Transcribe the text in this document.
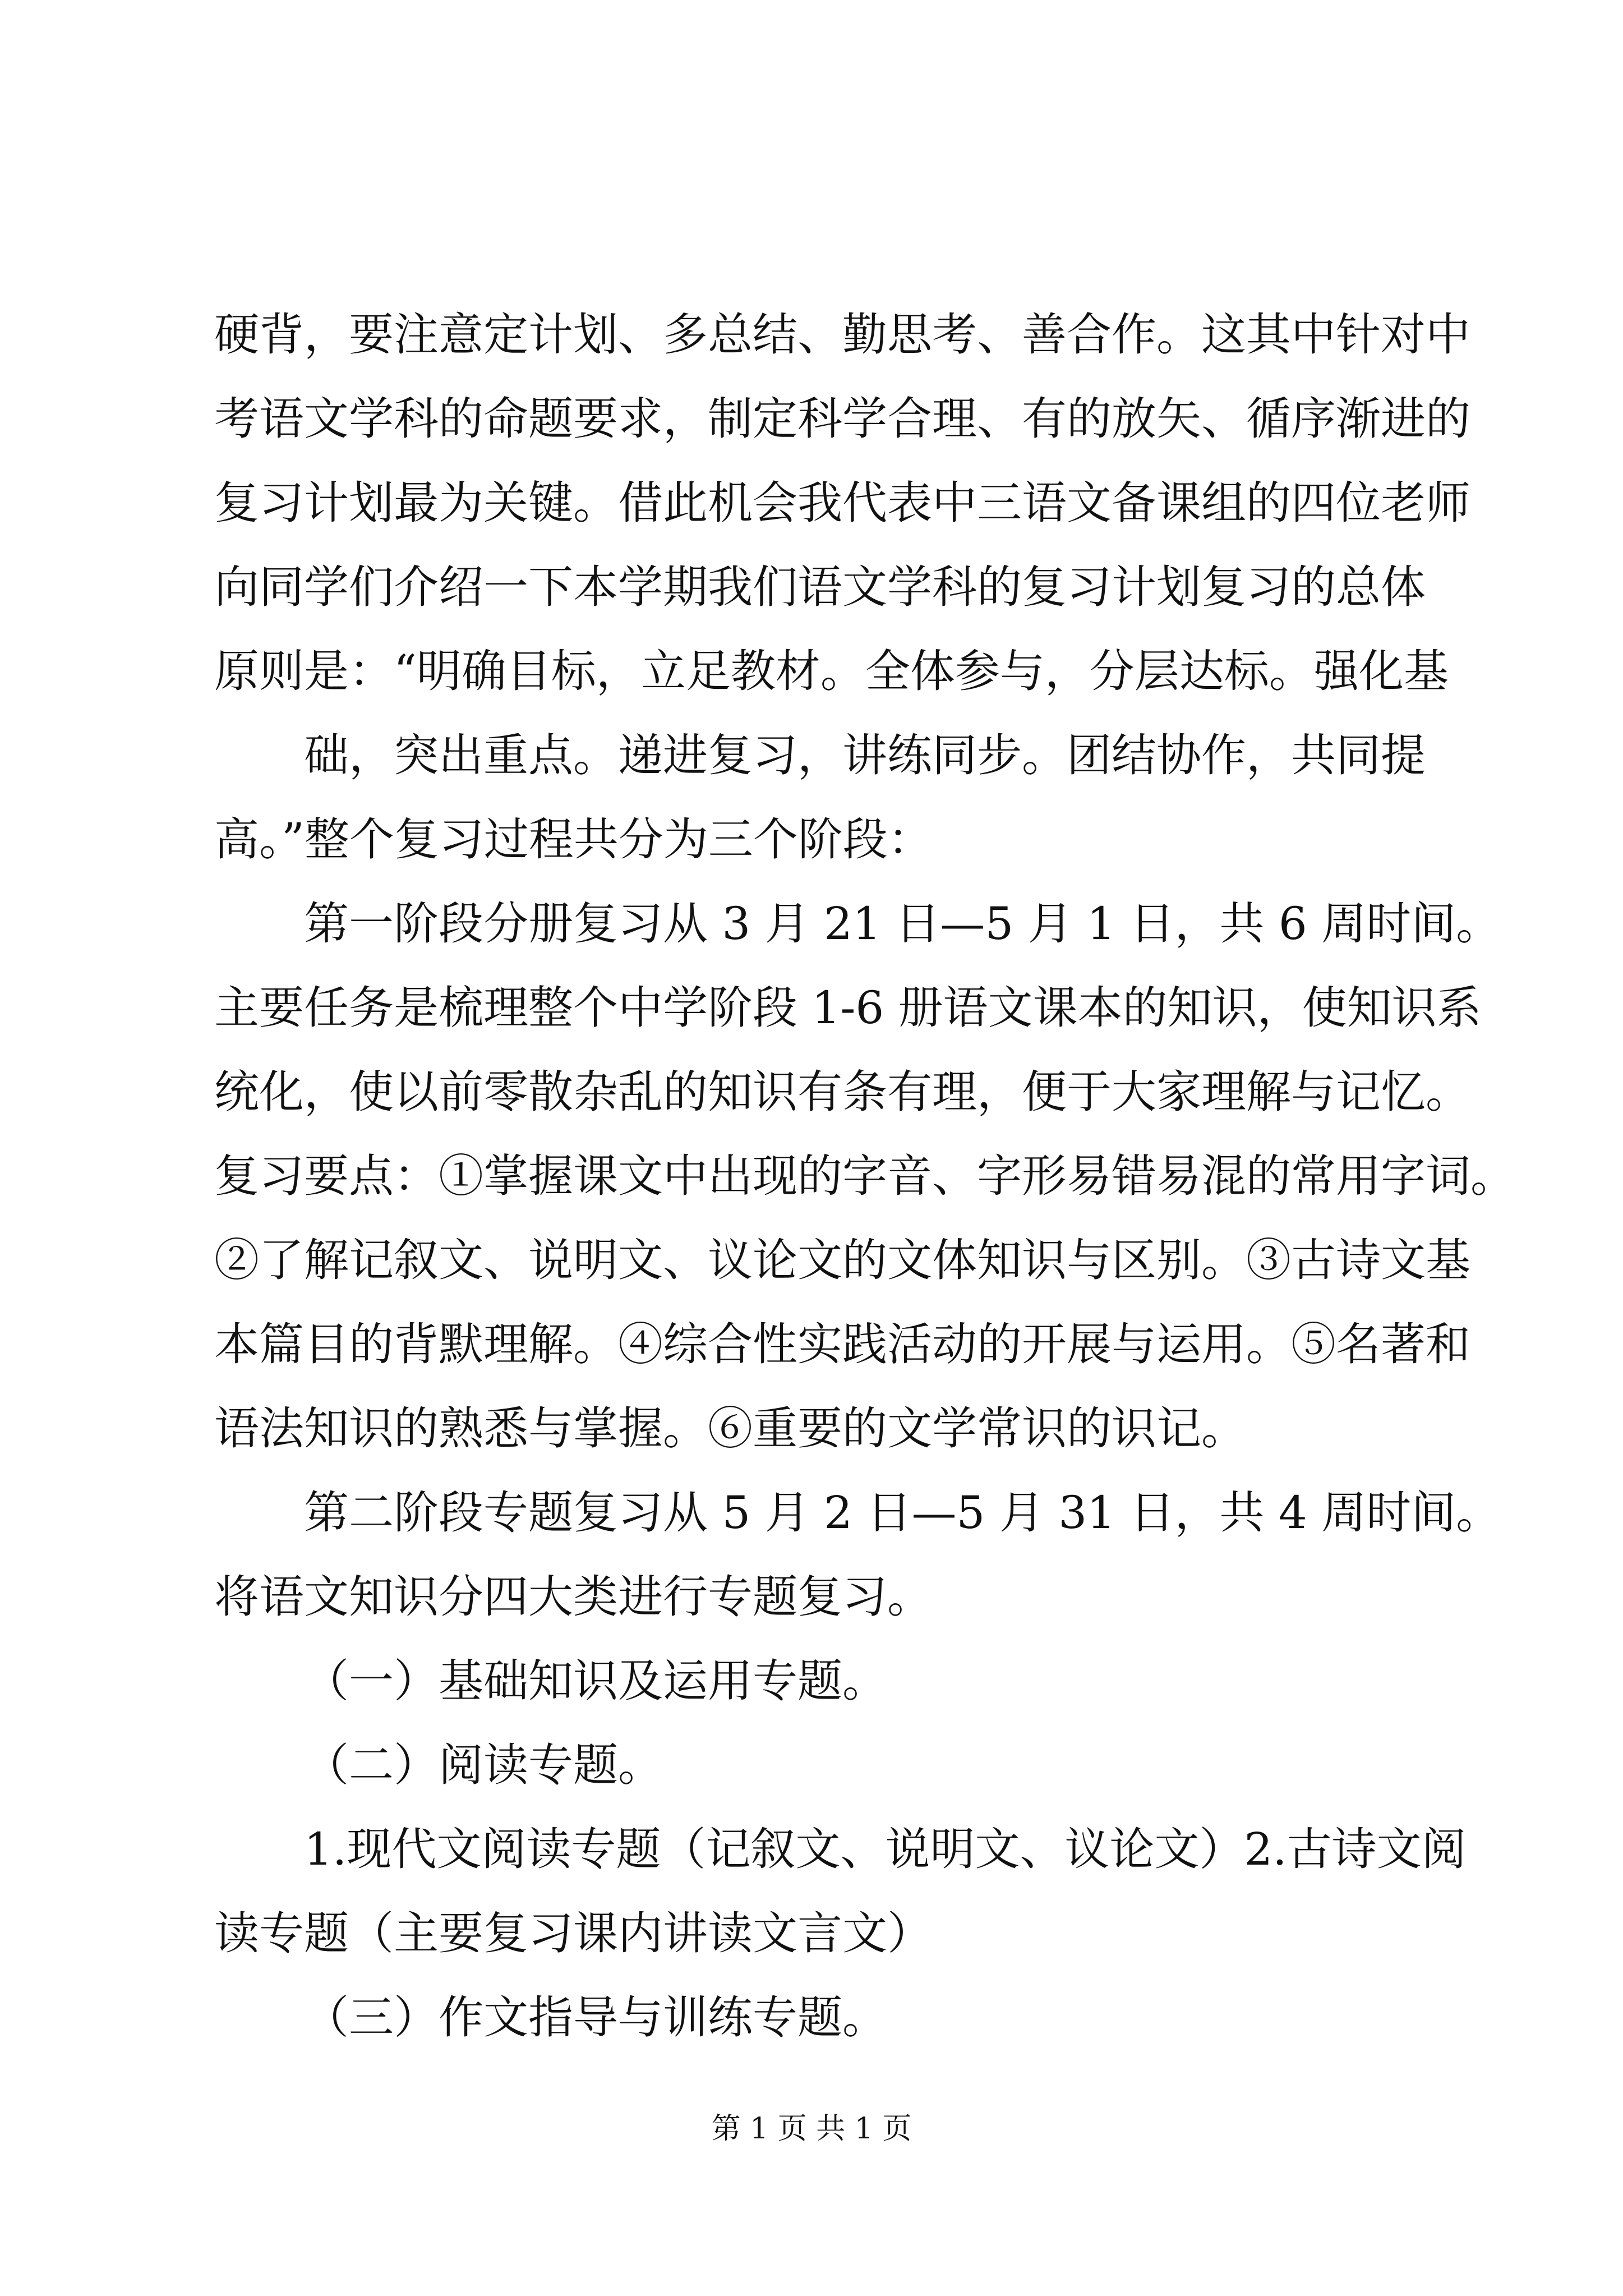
硬背，要注意定计划、多总结、勤思考、善合作。这其中针对中
考语文学科的命题要求，制定科学合理、有的放矢、循序渐进的
复习计划最为关键。借此机会我代表中三语文备课组的四位老师
向同学们介绍一下本学期我们语文学科的复习计划复习的总体
原则是：“明确目标，立足教材。全体参与，分层达标。强化基
础，突出重点。递进复习，讲练同步。团结协作，共同提
高。”整个复习过程共分为三个阶段：
第一阶段分册复习从 3 月 21 日—5 月 1 日，共 6 周时间。
主要任务是梳理整个中学阶段 1-6 册语文课本的知识，使知识系
统化，使以前零散杂乱的知识有条有理，便于大家理解与记忆。
复习要点：①掌握课文中出现的字音、字形易错易混的常用字词。
②了解记叙文、说明文、议论文的文体知识与区别。③古诗文基
本篇目的背默理解。④综合性实践活动的开展与运用。⑤名著和
语法知识的熟悉与掌握。⑥重要的文学常识的识记。
第二阶段专题复习从 5 月 2 日—5 月 31 日，共 4 周时间。
将语文知识分四大类进行专题复习。
（一）基础知识及运用专题。
（二）阅读专题。
1.现代文阅读专题（记叙文、说明文、议论文）2.古诗文阅
读专题（主要复习课内讲读文言文）
（三）作文指导与训练专题。
第 1 页 共 1 页
